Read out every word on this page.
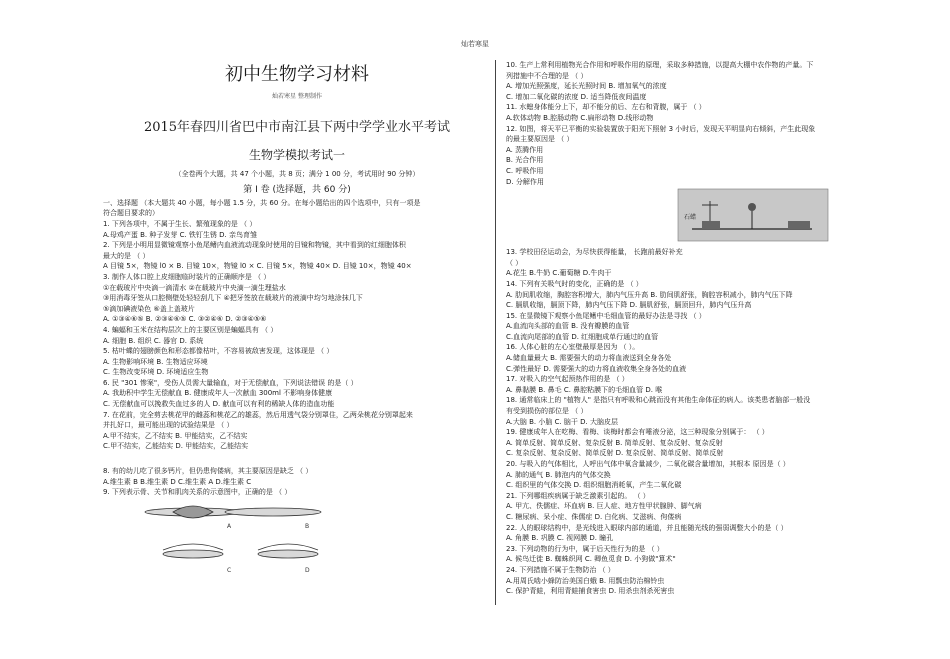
灿若寒星
初中生物学习材料
灿若寒星 整理制作
2015年春四川省巴中市南江县下两中学学业水平考试
生物学模拟考试一
（全卷两个大题，共 47 个小题，共 8 页；满分 1 00 分，考试用时 90 分钟）
第 I 卷 (选择题，共 60 分)
一、选择题 （本大题共 40 小题，每小题 1.5 分，共 60 分。在每小题给出的四个选项中，只有一项是
符合题目要求的）
1. 下列各项中，不属于生长、繁殖现象的是 （ ）
A.母鸡产蛋 B. 种子发芽 C. 铁钉生锈 D. 亲鸟育雏
2. 下列是小明用显微镜观察小鱼尾鳍内血液流动现象时使用的目镜和物镜，其中看到的红细胞体积
最大的是 （ ）
A 目镜 5×，物镜 l0 × B. 目镜 10×，物镜 l0 × C. 目镜 5×，物镜 40× D. 目镜 10×，物镜 40×
3. 制作人体口腔上皮细胞临时装片的正确顺序是 （ ）
①在载玻片中央滴一滴清水 ②在载玻片中央滴一滴生理盐水
③用消毒牙签从口腔侧壁处轻轻刮几下 ④把牙签放在载玻片的液滴中均匀地涂抹几下
⑤滴加碘液染色 ⑥盖上盖玻片
A. ①③④⑥⑤ B. ②③④⑥⑤ C. ③②④⑥ D. ②③④⑤⑥
4. 蝙蝠和玉米在结构层次上的主要区别是蝙蝠具有 （ ）
A. 细胞 B. 组织 C. 器官 D. 系统
5. 枯叶蝶的翅膀颜色和形态都像枯叶，不容易被敌害发现，这体现是 （ ）
A. 生物影响环境 B. 生物适应环境
C. 生物改变环境 D. 环境适应生物
6. 民 "301 惨案"，受伤人员需大量输血，对于无偿献血，下列说法错误 的是（ ）
A. 我助积中学生无偿献血 B. 健康成年人一次献血 300ml 不影响身体健康
C. 无偿献血可以挽救失血过多的人 D. 献血可以有利的稀缺人体的造血功能
7. 在花前，完全剪去桃花甲的雌蕊和桃花乙的雄蕊，然后用透气袋分别罩住，乙两朵桃花分别罩起来
并扎好口，最可能出现的试验结果是 （ ）
A.甲不结实，乙不结实 B. 甲能结实，乙不结实
C.甲不结实，乙能结实 D. 甲能结实，乙能结实
8. 有的幼儿吃了很多钙片，但仍患佝偻病，其主要原因是缺乏 （ ）
A.维生素 B B.维生素 D C.维生素 A D.维生素 C
9. 下列表示骨、关节和肌肉关系的示意图中，正确的是 （ ）
A	B
C	D
10. 生产上常利用植物光合作用和呼吸作用的原理，采取多种措施，以提高大棚中农作物的产量。下
列措施中不合理的是 （ ）
A. 增加光照强度，延长光照时间 B. 增加氧气的浓度
C. 增加二氧化碳的浓度 D. 适当降低夜间温度
11. 水螅身体能分上下，却不能分前后、左右和背腹，属于 （ ）
A.软体动物 B.腔肠动物 C.扁形动物 D.线形动物
12. 如图，将天平已平衡的实验装置放于阳光下照射 3 小时后，发现天平明显向右倾斜，产生此现象
的最主要原因是 （ ）
A. 蒸腾作用
B. 光合作用
C. 呼吸作用
D. 分解作用
石蜡
13. 学校田径运动会，为尽快获得能量， 长跑前最好补充
（ ）
A.花生 B.牛奶 C.葡萄糖 D.牛肉干
14. 下列有关吸气时的变化，正确的是 （ ）
A. 肋间肌收缩，胸腔容积增大，肺内气压升高 B. 肋间肌舒张，胸腔容积减小，肺内气压下降
C. 膈肌收缩，膈顶下降，肺内气压下降 D. 膈肌舒张，膈顶回升，肺内气压升高
15. 在显微镜下观察小鱼尾鳍中毛细血管的最好办法是寻找 （ ）
A.血流向头部的血管 B. 没有瓣膜的血管
C.血流向尾部的血管 D. 红细胞成单行通过的血管
16. 人体心脏的左心室壁最厚是因为 （ ）。
A.储血量最大 B. 需要强大的动力将血液送到全身各处
C.弹性最好 D. 需要强大的动力将血液收集全身各处的血液
17. 对吸入的空气起预热作用的是 （ ）
A. 鼻黏膜 B. 鼻毛 C. 鼻腔粘膜下的毛细血管 D. 喉
18. 通常临床上的 "植物人" 是指只有呼吸和心跳而没有其他生命体征的病人。该类患者脑部一般没
有受到损伤的部位是 （ ）
A.大脑 B. 小脑 C. 脑干 D. 大脑皮层
19. 健康成年人在吃梅、看梅、谈梅时都会有唾液分泌，这三种现象分别属于： （ ）
A. 简单反射、简单反射、复杂反射 B. 简单反射、复杂反射、复杂反射
C. 复杂反射、复杂反射、简单反射 D. 复杂反射、简单反射、简单反射
20. 与吸入的气体相比，人呼出气体中氧含量减少，二氧化碳含量增加，其根本 原因是（ ）
A. 肺的通气 B. 肺泡内的气体交换
C. 组织里的气体交换 D. 组织细胞消耗氧，产生二氧化碳
21. 下列哪组疾病属于缺乏激素引起的。 （ ）
A. 甲亢、佚儒症、坏血病 B. 巨人症、地方性甲状腺肿、脚气病
C. 糖尿病、呆小症、侏儒症 D. 白化病、艾滋病、佝偻病
22. 人的眼球结构中，是光线进入眼球内部的通道，并且能随光线的强弱调整大小的是（ ）
A. 角膜 B. 巩膜 C. 视网膜 D. 瞳孔
23. 下列动物的行为中，属于后天性行为的是 （ ）
A. 候鸟迁徙 B. 蜘蛛织网 C. 卿鱼觅食 D. 小狗做"算术"
24. 下列措施不属于生物防治 （ ）
A.用周氏啮小蜂防治美国白蛾 B. 用瓢虫防治棉铃虫
C. 保护青蛙，利用青蛙捕食害虫 D. 用杀虫剂杀死害虫
